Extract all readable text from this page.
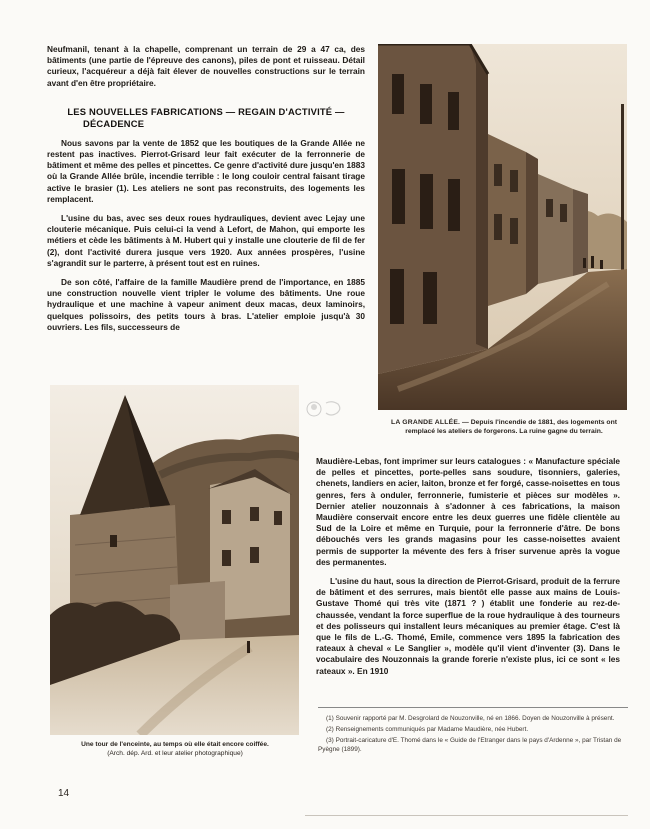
Neufmanil, tenant à la chapelle, comprenant un terrain de 29 a 47 ca, des bâtiments (une partie de l'épreuve des canons), piles de pont et ruisseau. Détail curieux, l'acquéreur a déjà fait élever de nouvelles constructions sur le terrain avant d'en être propriétaire.

LES NOUVELLES FABRICATIONS — REGAIN D'ACTIVITÉ —
DÉCADENCE

Nous savons par la vente de 1852 que les boutiques de la Grande Allée ne restent pas inactives. Pierrot-Grisard leur fait exécuter de la ferronnerie de bâtiment et même des pelles et pincettes. Ce genre d'activité dure jusqu'en 1883 où la Grande Allée brûle, incendie terrible : le long couloir central faisant tirage active le brasier (1). Les ateliers ne sont pas reconstruits, des logements les remplacent.

L'usine du bas, avec ses deux roues hydrauliques, devient avec Lejay une clouterie mécanique. Puis celui-ci la vend à Lefort, de Mahon, qui emporte les métiers et cède les bâtiments à M. Hubert qui y installe une clouterie de fil de fer (2), dont l'activité durera jusque vers 1920. Aux années prospères, l'usine s'agrandit sur le parterre, à présent tout est en ruines.

De son côté, l'affaire de la famille Maudière prend de l'importance, en 1885 une construction nouvelle vient tripler le volume des bâtiments. Une roue hydraulique et une machine à vapeur animent deux macas, deux laminoirs, quelques polissoirs, des petits tours à bras. L'atelier emploie jusqu'à 30 ouvriers. Les fils, successeurs de

LA GRANDE ALLÉE. — Depuis l'incendie de 1881, des logements ont remplacé les ateliers de forgerons. La ruine gagne du terrain.
Une tour de l'enceinte, au temps où elle était encore coiffée.
(Arch. dép. Ard. et leur atelier photographique)

Maudière-Lebas, font imprimer sur leurs catalogues : « Manufacture spéciale de pelles et pincettes, porte-pelles sans soudure, tisonniers, galeries, chenets, landiers en acier, laiton, bronze et fer forgé, casse-noisettes en tous genres, fers à onduler, ferronnerie, fumisterie et pièces sur modèles ». Dernier atelier nouzonnais à s'adonner à ces fabrications, la maison Maudière conservait encore entre les deux guerres une fidèle clientèle au Sud de la Loire et même en Turquie, pour la ferronnerie d'âtre. De bons débouchés vers les grands magasins pour les casse-noisettes avaient permis de supporter la mévente des fers à friser survenue après la vogue des permanentes.

L'usine du haut, sous la direction de Pierrot-Grisard, produit de la ferrure de bâtiment et des serrures, mais bientôt elle passe aux mains de Louis-Gustave Thomé qui très vite (1871 ? ) établit une fonderie au rez-de-chaussée, vendant la force superflue de la roue hydraulique à des tourneurs et des polisseurs qui installent leurs mécaniques au premier étage. C'est là que le fils de L.-G. Thomé, Emile, commence vers 1895 la fabrication des rateaux à cheval « Le Sanglier », modèle qu'il vient d'inventer (3). Dans le vocabulaire des Nouzonnais la grande forerie n'existe plus, ici ce sont « les rateaux ». En 1910

(1) Souvenir rapporté par M. Desgrolard de Nouzonville, né en 1866. Doyen de Nouzonville à présent.

(2) Renseignements communiqués par Madame Maudière, née Hubert.

(3) Portrait-caricature d'E. Thomé dans le « Guide de l'Etranger dans le pays d'Ardenne », par Tristan de Pyègne (1899).

14
